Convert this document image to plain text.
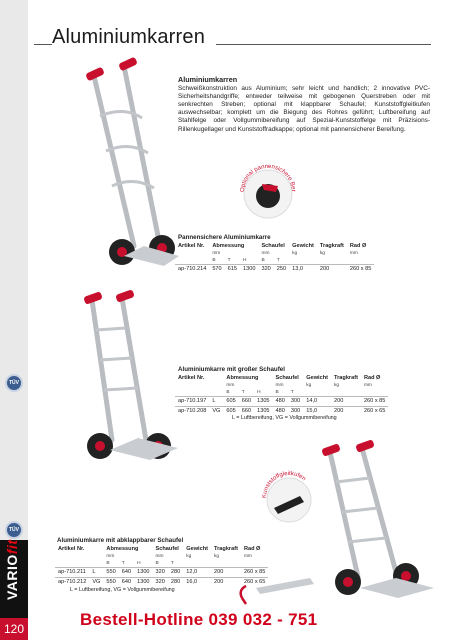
TÜV
TÜV
VARIOfit
120
Aluminiumkarren
Aluminiumkarren

Schweißkonstruktion aus Aluminium; sehr leicht und handlich; 2 innovative PVC-Sicherheitshandgriffe; entweder teilweise mit gebogenen Querstreben oder mit senkrechten Streben; optional mit klappbarer Schaufel; Kunststoffgleitkufen auswechselbar; komplett um die Biegung des Rohres geführt; Luftbereifung auf Stahlfelge oder Vollgummibereifung auf Spezial-Kunststoffelge mit Präzisions-Rillenkugellager und Kunststoffradkappe; optional mit pannensicherer Bereifung.

Optional pannensichere Bereifung
Pannensichere Aluminiumkarre
Artikel Nr.	Abmessung			Schaufel		Gewicht	Tragkraft	Rad Ø
	mm			mm		kg	kg	mm
	B	T	H	B	T			
ap-710.214	570	615	1300	320	250	13,0	200	260 x 85
Aluminiumkarre mit großer Schaufel
Artikel Nr.		Abmessung			Schaufel		Gewicht	Tragkraft	Rad Ø
		mm			mm		kg	kg	mm
		B	T	H	B	T			
ap-710.197	L	605	660	1305	480	300	14,0	200	260 x 85
ap-710.208	VG	605	660	1305	480	300	15,0	200	260 x 65
L = Luftbereifung, VG = Vollgummibereifung
Kunststoffgleitkufen
Aluminiumkarre mit abklappbarer Schaufel
Artikel Nr.		Abmessung			Schaufel		Gewicht	Tragkraft	Rad Ø
		mm			mm		kg	kg	mm
		B	T	H	B	T			
ap-710.211	L	550	640	1300	320	280	12,0	200	260 x 85
ap-710.212	VG	550	640	1300	320	280	16,0	200	260 x 65
L = Luftbereifung, VG = Vollgummibereifung
Bestell-Hotline 039 032 - 751
